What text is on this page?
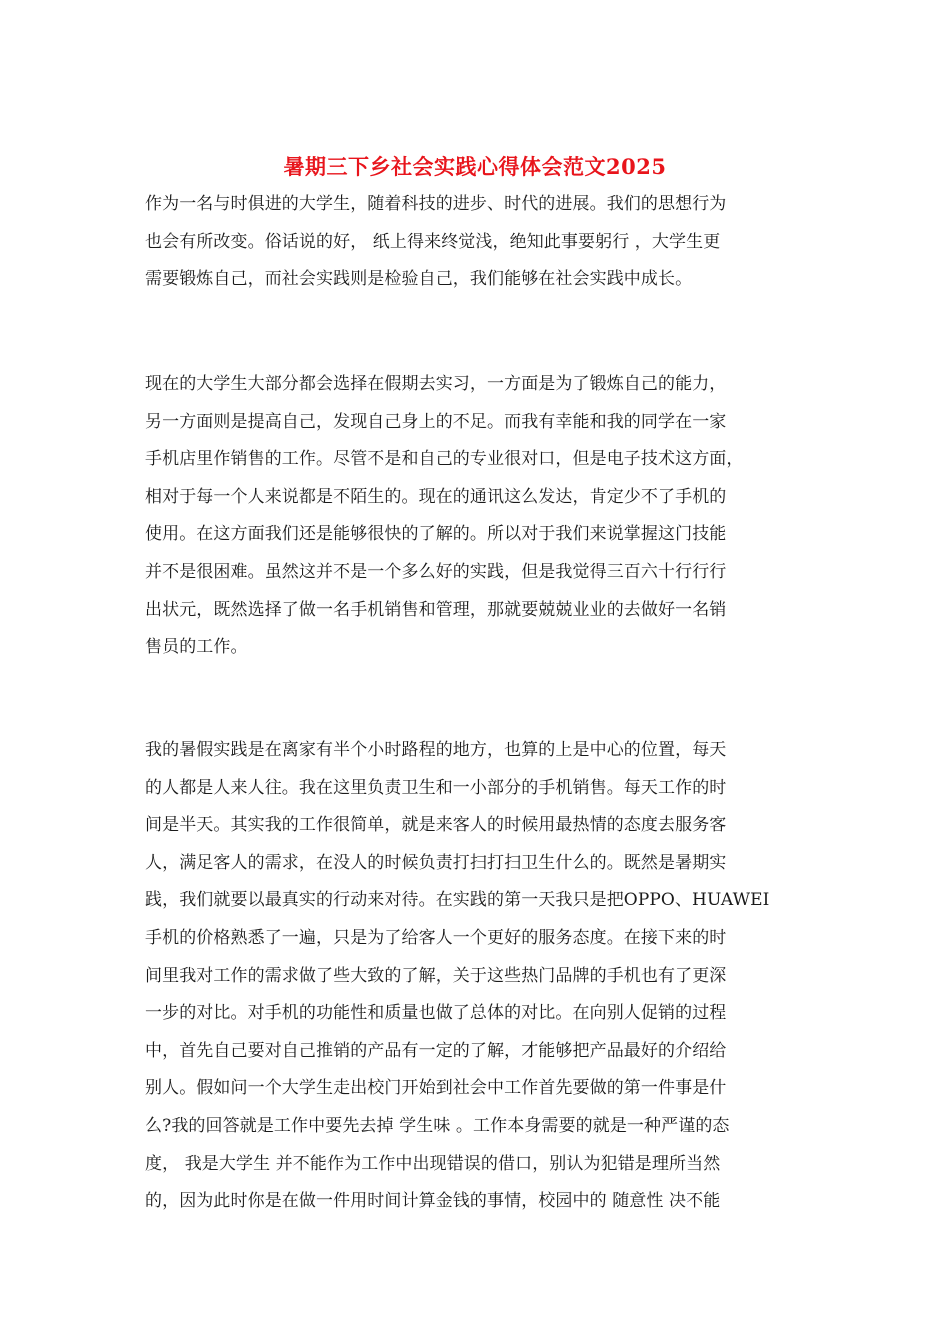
暑期三下乡社会实践心得体会范文2025
作为一名与时俱进的大学生，随着科技的进步、时代的进展。我们的思想行为
也会有所改变。俗话说的好， 纸上得来终觉浅，绝知此事要躬行 ，大学生更
需要锻炼自己，而社会实践则是检验自己，我们能够在社会实践中成长。
现在的大学生大部分都会选择在假期去实习，一方面是为了锻炼自己的能力，
另一方面则是提高自己，发现自己身上的不足。而我有幸能和我的同学在一家
手机店里作销售的工作。尽管不是和自己的专业很对口，但是电子技术这方面，
相对于每一个人来说都是不陌生的。现在的通讯这么发达，肯定少不了手机的
使用。在这方面我们还是能够很快的了解的。所以对于我们来说掌握这门技能
并不是很困难。虽然这并不是一个多么好的实践，但是我觉得三百六十行行行
出状元，既然选择了做一名手机销售和管理，那就要兢兢业业的去做好一名销
售员的工作。
我的暑假实践是在离家有半个小时路程的地方，也算的上是中心的位置，每天
的人都是人来人往。我在这里负责卫生和一小部分的手机销售。每天工作的时
间是半天。其实我的工作很简单，就是来客人的时候用最热情的态度去服务客
人，满足客人的需求，在没人的时候负责打扫打扫卫生什么的。既然是暑期实
践，我们就要以最真实的行动来对待。在实践的第一天我只是把OPPO、HUAWEI
手机的价格熟悉了一遍，只是为了给客人一个更好的服务态度。在接下来的时
间里我对工作的需求做了些大致的了解，关于这些热门品牌的手机也有了更深
一步的对比。对手机的功能性和质量也做了总体的对比。在向别人促销的过程
中，首先自己要对自己推销的产品有一定的了解，才能够把产品最好的介绍给
别人。假如问一个大学生走出校门开始到社会中工作首先要做的第一件事是什
么?我的回答就是工作中要先去掉 学生味 。工作本身需要的就是一种严谨的态
度， 我是大学生 并不能作为工作中出现错误的借口，别认为犯错是理所当然
的，因为此时你是在做一件用时间计算金钱的事情，校园中的 随意性 决不能
